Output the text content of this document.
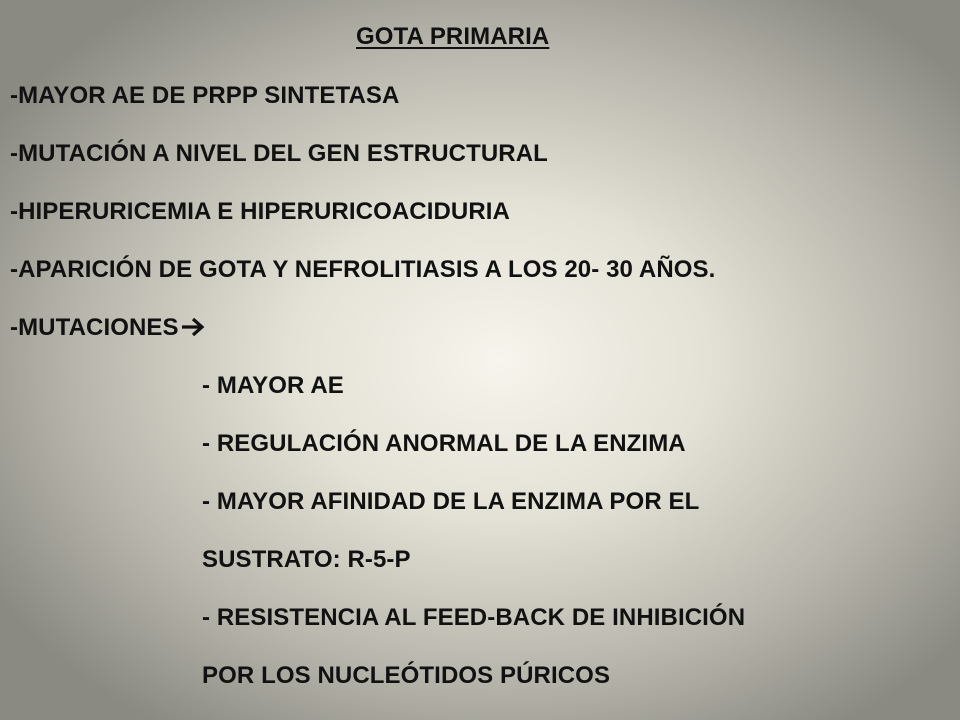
GOTA PRIMARIA
-MAYOR AE DE PRPP SINTETASA
-MUTACIÓN A NIVEL DEL GEN ESTRUCTURAL
-HIPERURICEMIA E HIPERURICOACIDURIA
-APARICIÓN DE GOTA Y NEFROLITIASIS A LOS 20- 30 AÑOS.
-MUTACIONES
- MAYOR AE
- REGULACIÓN ANORMAL DE LA ENZIMA
- MAYOR AFINIDAD DE LA ENZIMA POR EL
SUSTRATO: R-5-P
- RESISTENCIA AL FEED-BACK DE INHIBICIÓN
POR LOS NUCLEÓTIDOS PÚRICOS
